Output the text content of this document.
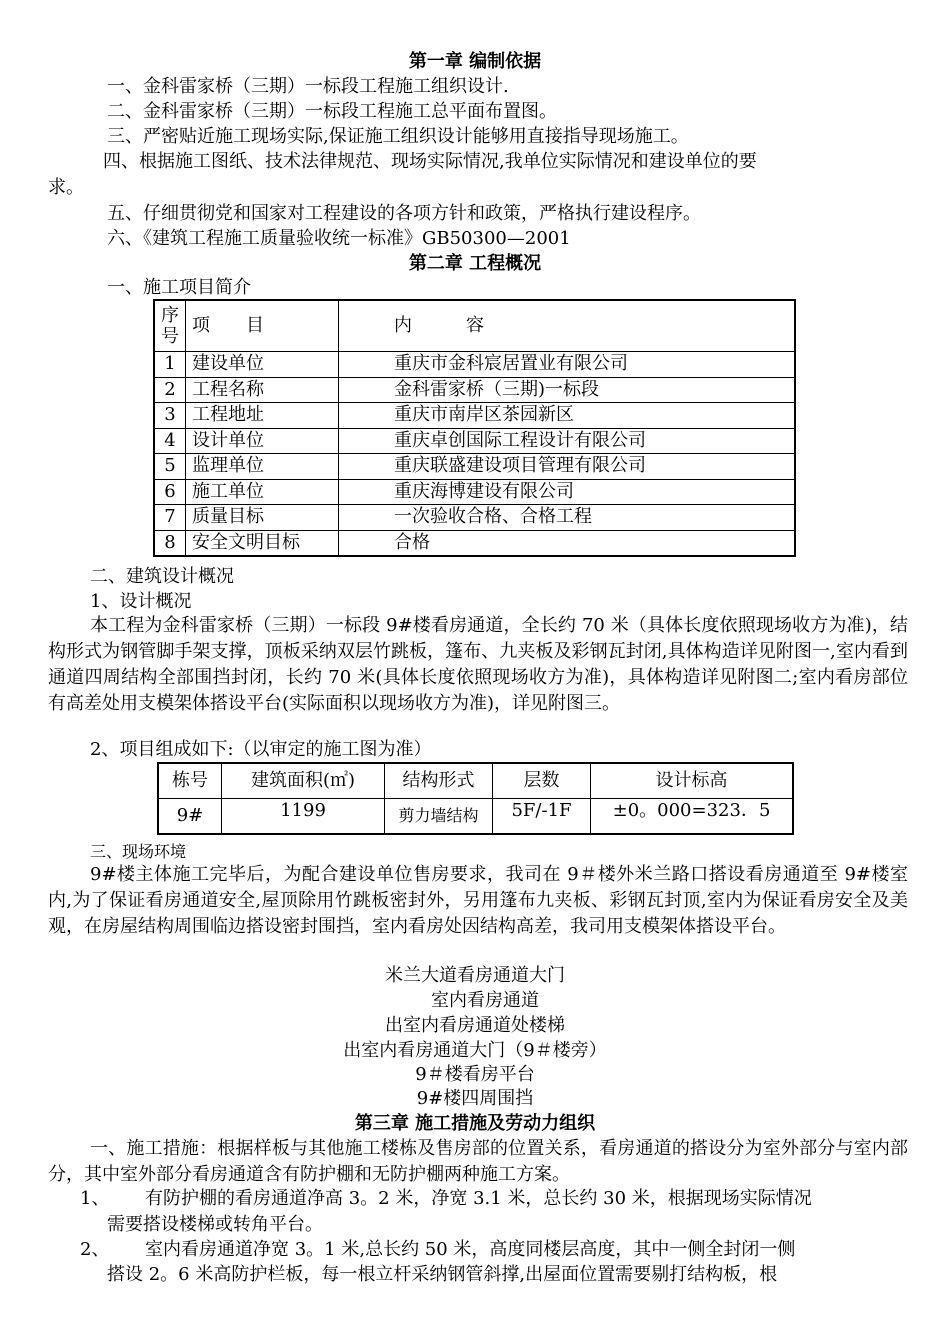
第一章 编制依据
一、金科雷家桥（三期）一标段工程施工组织设计.
二、金科雷家桥（三期）一标段工程施工总平面布置图。
三、严密贴近施工现场实际,保证施工组织设计能够用直接指导现场施工。
四、根据施工图纸、技术法律规范、现场实际情况,我单位实际情况和建设单位的要
求。
五、仔细贯彻党和国家对工程建设的各项方针和政策，严格执行建设程序。
六、《建筑工程施工质量验收统一标准》GB50300—2001
第二章 工程概况
一、施工项目简介
序号	项　　目	内　　　容
1	建设单位	重庆市金科宸居置业有限公司
2	工程名称	金科雷家桥（三期)一标段
3	工程地址	重庆市南岸区茶园新区
4	设计单位	重庆卓创国际工程设计有限公司
5	监理单位	重庆联盛建设项目管理有限公司
6	施工单位	重庆海博建设有限公司
7	质量目标	一次验收合格、合格工程
8	安全文明目标	合格
二、建筑设计概况
1、设计概况
本工程为金科雷家桥（三期）一标段 9#楼看房通道，全长约 70 米（具体长度依照现场收方为准)，结构形式为钢管脚手架支撑，顶板采纳双层竹跳板，篷布、九夹板及彩钢瓦封闭,具体构造详见附图一,室内看到通道四周结构全部围挡封闭，长约 70 米(具体长度依照现场收方为准)，具体构造详见附图二;室内看房部位有高差处用支模架体搭设平台(实际面积以现场收方为准)，详见附图三。
2、项目组成如下:（以审定的施工图为准）
栋号	建筑面积(㎡)	结构形式	层数	设计标高
9#	1199	剪力墙结构	5F/-1F	±0。000=323．5
三、现场环境
9#楼主体施工完毕后，为配合建设单位售房要求，我司在 9＃楼外米兰路口搭设看房通道至 9#楼室内,为了保证看房通道安全,屋顶除用竹跳板密封外，另用篷布九夹板、彩钢瓦封顶,室内为保证看房安全及美观，在房屋结构周围临边搭设密封围挡，室内看房处因结构高差，我司用支模架体搭设平台。
米兰大道看房通道大门
室内看房通道
出室内看房通道处楼梯
出室内看房通道大门（9＃楼旁）
9＃楼看房平台
9#楼四周围挡
第三章 施工措施及劳动力组织
一、施工措施：根据样板与其他施工楼栋及售房部的位置关系，看房通道的搭设分为室外部分与室内部分，其中室外部分看房通道含有防护棚和无防护棚两种施工方案。
1、 有防护棚的看房通道净高 3。2 米，净宽 3.1 米，总长约 30 米，根据现场实际情况
需要搭设楼梯或转角平台。
2、 室内看房通道净宽 3。1 米,总长约 50 米，高度同楼层高度，其中一侧全封闭一侧
搭设 2。6 米高防护栏板，每一根立杆采纳钢管斜撑,出屋面位置需要剔打结构板，根
